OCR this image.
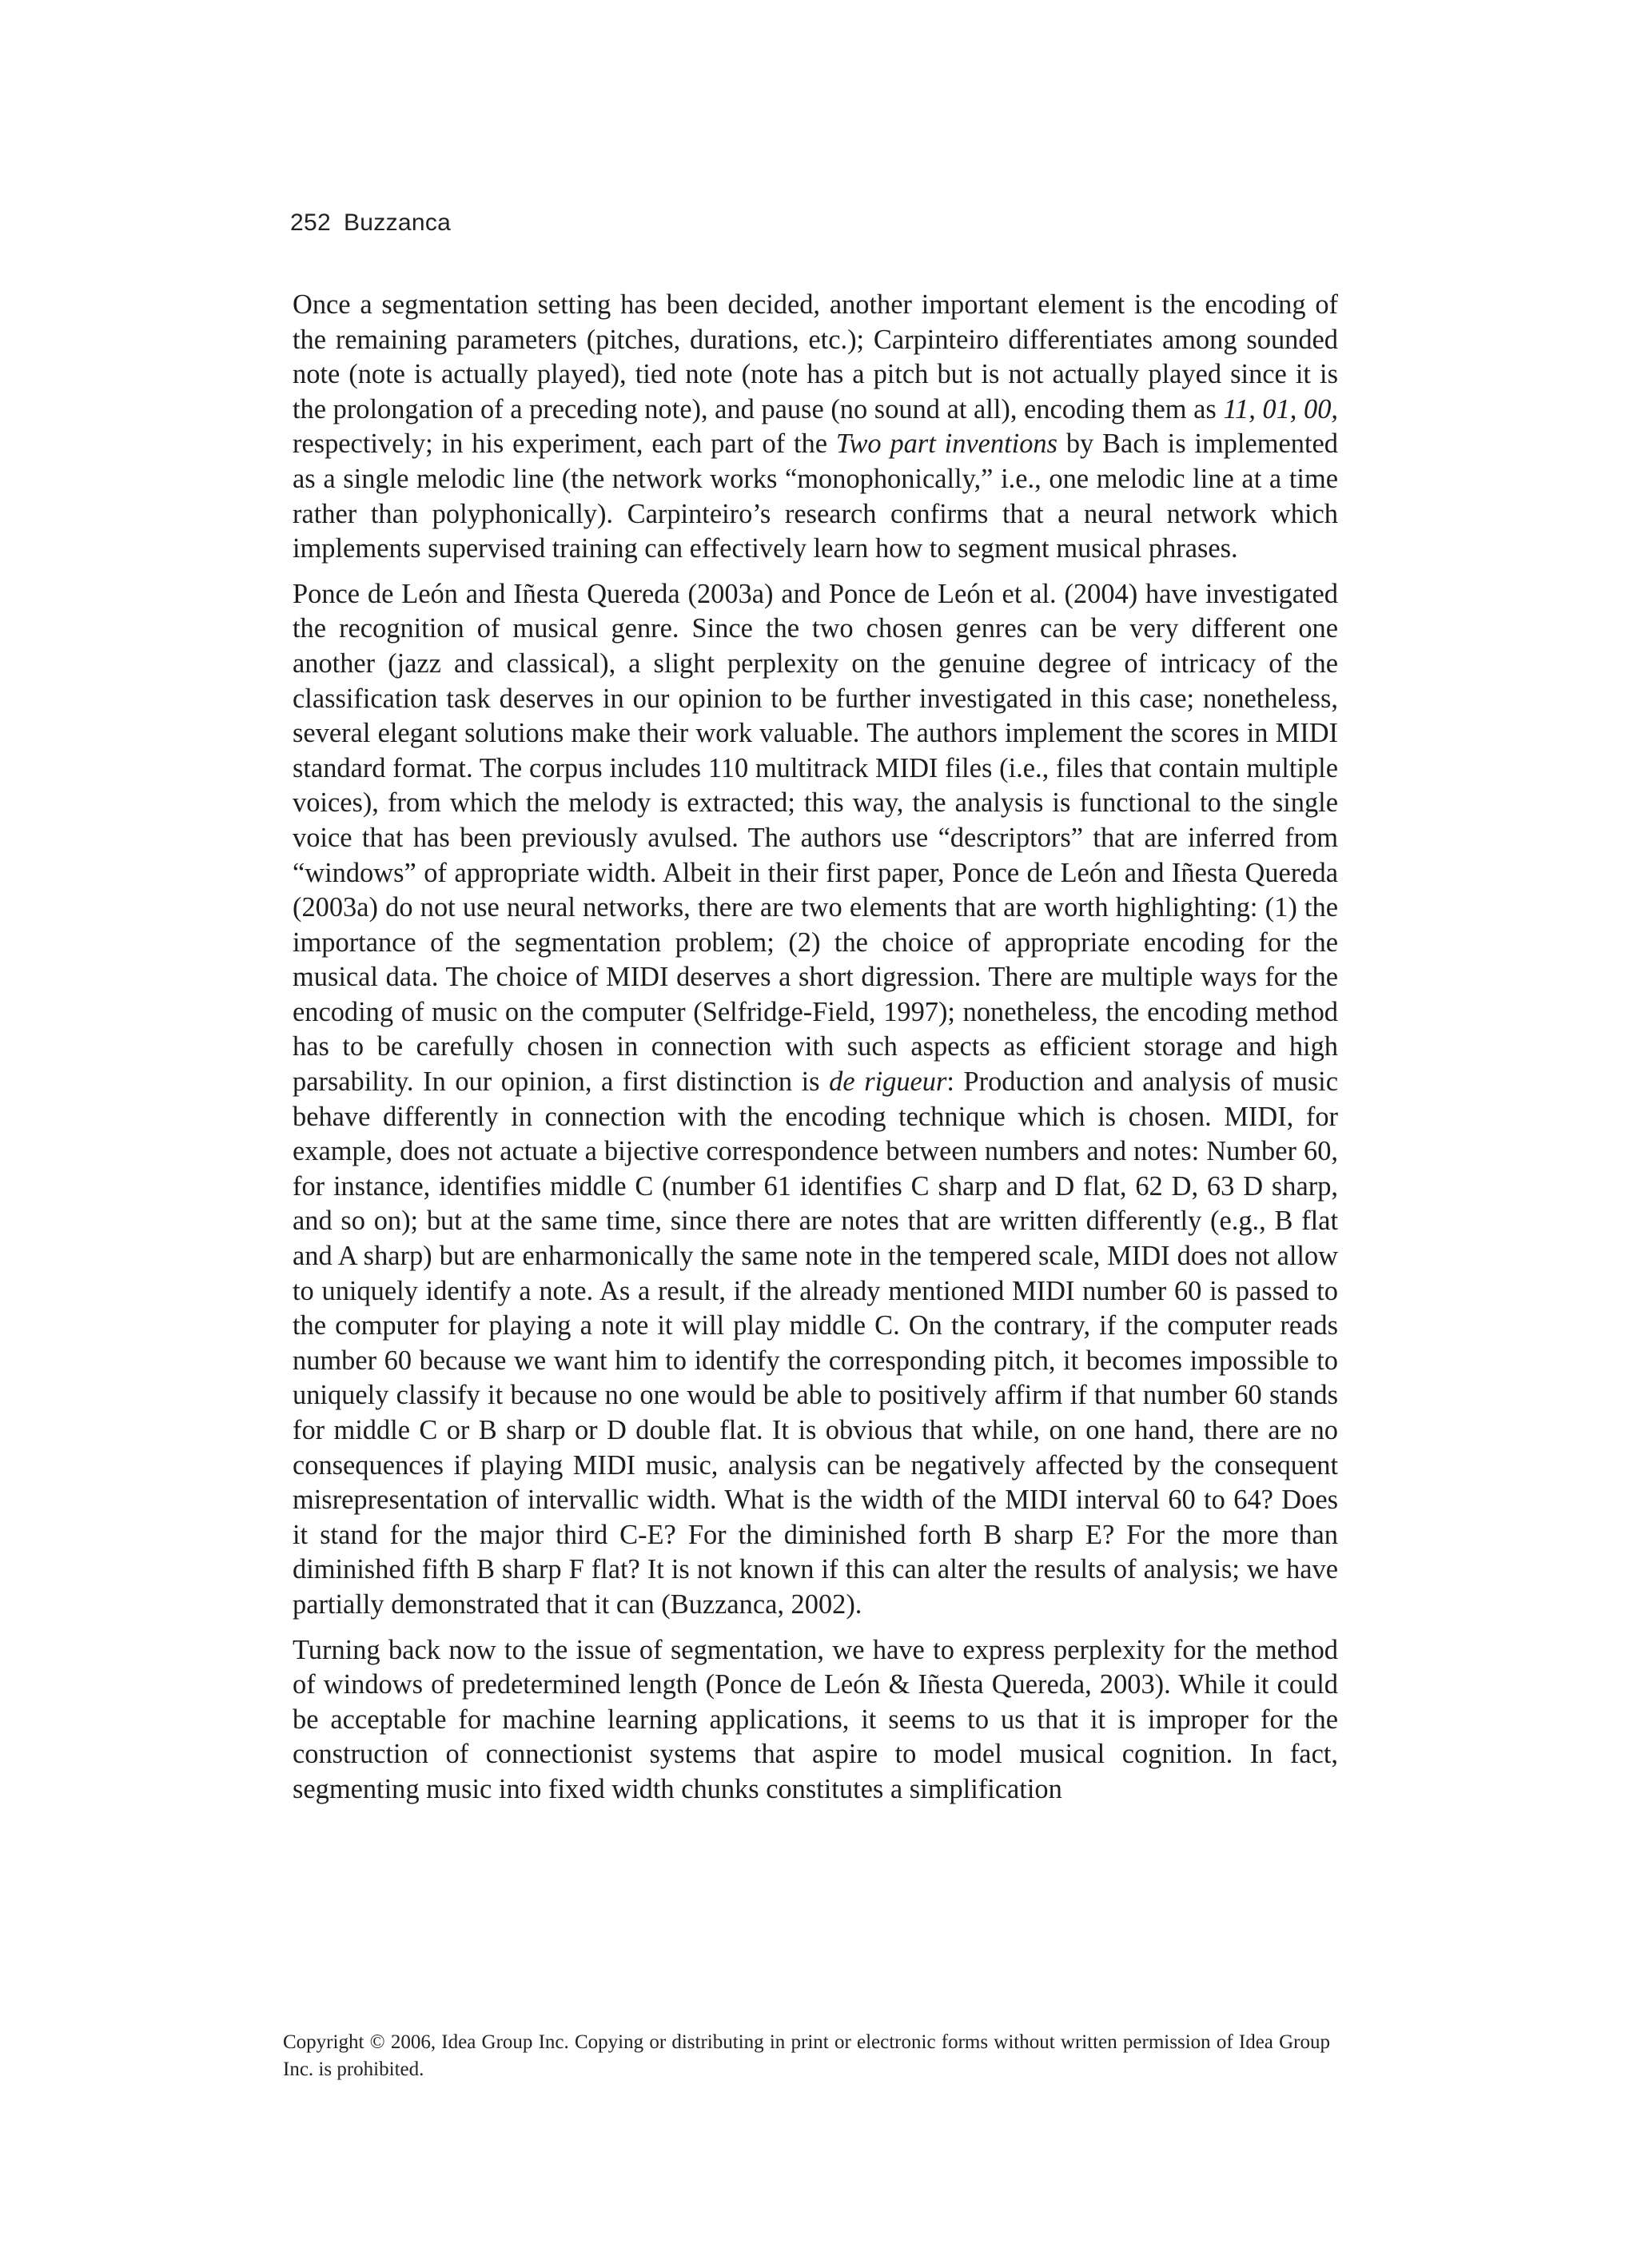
252 Buzzanca

Once a segmentation setting has been decided, another important element is the encoding of the remaining parameters (pitches, durations, etc.); Carpinteiro differentiates among sounded note (note is actually played), tied note (note has a pitch but is not actually played since it is the prolongation of a preceding note), and pause (no sound at all), encoding them as 11, 01, 00, respectively; in his experiment, each part of the Two part inventions by Bach is implemented as a single melodic line (the network works “monophonically,” i.e., one melodic line at a time rather than polyphonically). Carpinteiro’s research confirms that a neural network which implements supervised training can effectively learn how to segment musical phrases.

Ponce de León and Iñesta Quereda (2003a) and Ponce de León et al. (2004) have investigated the recognition of musical genre. Since the two chosen genres can be very different one another (jazz and classical), a slight perplexity on the genuine degree of intricacy of the classification task deserves in our opinion to be further investigated in this case; nonetheless, several elegant solutions make their work valuable. The authors implement the scores in MIDI standard format. The corpus includes 110 multitrack MIDI files (i.e., files that contain multiple voices), from which the melody is extracted; this way, the analysis is functional to the single voice that has been previously avulsed. The authors use “descriptors” that are inferred from “windows” of appropriate width. Albeit in their first paper, Ponce de León and Iñesta Quereda (2003a) do not use neural networks, there are two elements that are worth highlighting: (1) the importance of the segmentation problem; (2) the choice of appropriate encoding for the musical data. The choice of MIDI deserves a short digression. There are multiple ways for the encoding of music on the computer (Selfridge-Field, 1997); nonetheless, the encoding method has to be carefully chosen in connection with such aspects as efficient storage and high parsability. In our opinion, a first distinction is de rigueur: Production and analysis of music behave differently in connection with the encoding technique which is chosen. MIDI, for example, does not actuate a bijective correspondence between numbers and notes: Number 60, for instance, identifies middle C (number 61 identifies C sharp and D flat, 62 D, 63 D sharp, and so on); but at the same time, since there are notes that are written differently (e.g., B flat and A sharp) but are enharmonically the same note in the tempered scale, MIDI does not allow to uniquely identify a note. As a result, if the already mentioned MIDI number 60 is passed to the computer for playing a note it will play middle C. On the contrary, if the computer reads number 60 because we want him to identify the corresponding pitch, it becomes impossible to uniquely classify it because no one would be able to positively affirm if that number 60 stands for middle C or B sharp or D double flat. It is obvious that while, on one hand, there are no consequences if playing MIDI music, analysis can be negatively affected by the consequent misrepresentation of intervallic width. What is the width of the MIDI interval 60 to 64? Does it stand for the major third C-E? For the diminished forth B sharp E? For the more than diminished fifth B sharp F flat? It is not known if this can alter the results of analysis; we have partially demonstrated that it can (Buzzanca, 2002).

Turning back now to the issue of segmentation, we have to express perplexity for the method of windows of predetermined length (Ponce de León & Iñesta Quereda, 2003). While it could be acceptable for machine learning applications, it seems to us that it is improper for the construction of connectionist systems that aspire to model musical cognition. In fact, segmenting music into fixed width chunks constitutes a simplification

Copyright © 2006, Idea Group Inc. Copying or distributing in print or electronic forms without written permission of Idea Group Inc. is prohibited.
